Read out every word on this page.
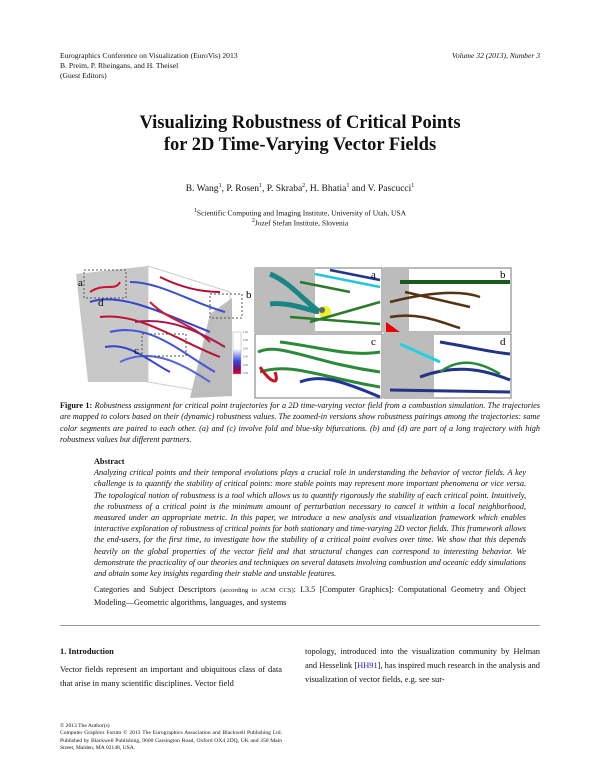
Eurographics Conference on Visualization (EuroVis) 2013
B. Preim, P. Rheingans, and H. Theisel
(Guest Editors)
Volume 32 (2013), Number 3
Visualizing Robustness of Critical Points
for 2D Time-Varying Vector Fields
B. Wang$^1$, P. Rosen$^1$, P. Skraba$^2$, H. Bhatia$^1$ and V. Pascucci$^1$
$^1$Scientific Computing and Imaging Institute, University of Utah, USA
$^2$Jozef Stefan Institute, Slovenia
a
b
c
d
1.00
0.80
0.60
0.40
0.20
0.00
a	b
c	d
Figure 1: Robustness assignment for critical point trajectories for a 2D time-varying vector field from a combustion simulation. The trajectories are mapped to colors based on their (dynamic) robustness values. The zoomed-in versions show robustness pairings among the trajectories: same color segments are paired to each other. (a) and (c) involve fold and blue-sky bifurcations. (b) and (d) are part of a long trajectory with high robustness values but different partners.
Abstract
Analyzing critical points and their temporal evolutions plays a crucial role in understanding the behavior of vector fields. A key challenge is to quantify the stability of critical points: more stable points may represent more important phenomena or vice versa. The topological notion of robustness is a tool which allows us to quantify rigorously the stability of each critical point. Intuitively, the robustness of a critical point is the minimum amount of perturbation necessary to cancel it within a local neighborhood, measured under an appropriate metric. In this paper, we introduce a new analysis and visualization framework which enables interactive exploration of robustness of critical points for both stationary and time-varying 2D vector fields. This framework allows the end-users, for the first time, to investigate how the stability of a critical point evolves over time. We show that this depends heavily on the global properties of the vector field and that structural changes can correspond to interesting behavior. We demonstrate the practicality of our theories and techniques on several datasets involving combustion and oceanic eddy simulations and obtain some key insights regarding their stable and unstable features.
Categories and Subject Descriptors (according to ACM CCS): I.3.5 [Computer Graphics]: Computational Geometry and Object Modeling—Geometric algorithms, languages, and systems
1. Introduction
Vector fields represent an important and ubiquitous class of data that arise in many scientific disciplines. Vector field
topology, introduced into the visualization community by Helman and Hesselink [HH91], has inspired much research in the analysis and visualization of vector fields, e.g. see sur-
© 2013 The Author(s)
Computer Graphics Forum © 2013 The Eurographics Association and Blackwell Publishing Ltd. Published by Blackwell Publishing, 9600 Garsington Road, Oxford OX4 2DQ, UK and 350 Main Street, Malden, MA 02148, USA.
